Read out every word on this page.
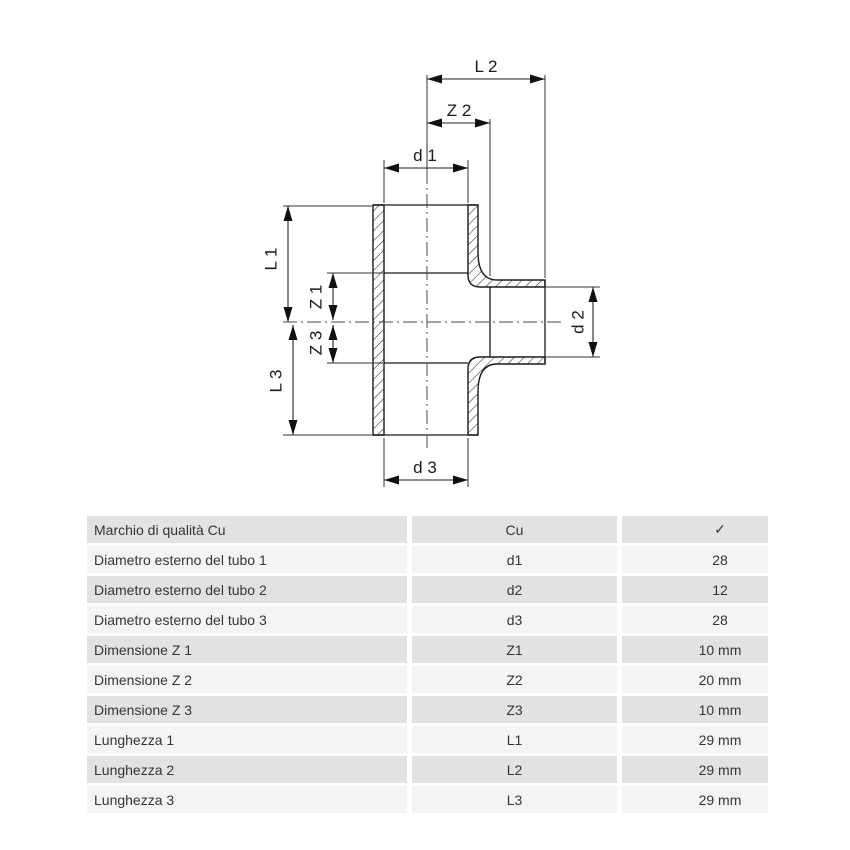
L 2
Z 2
d 1
d 3
L 1
Z 1
Z 3
L 3
d 2
Marchio di qualità Cu	Cu	✓
Diametro esterno del tubo 1	d1	28
Diametro esterno del tubo 2	d2	12
Diametro esterno del tubo 3	d3	28
Dimensione Z 1	Z1	10 mm
Dimensione Z 2	Z2	20 mm
Dimensione Z 3	Z3	10 mm
Lunghezza 1	L1	29 mm
Lunghezza 2	L2	29 mm
Lunghezza 3	L3	29 mm
